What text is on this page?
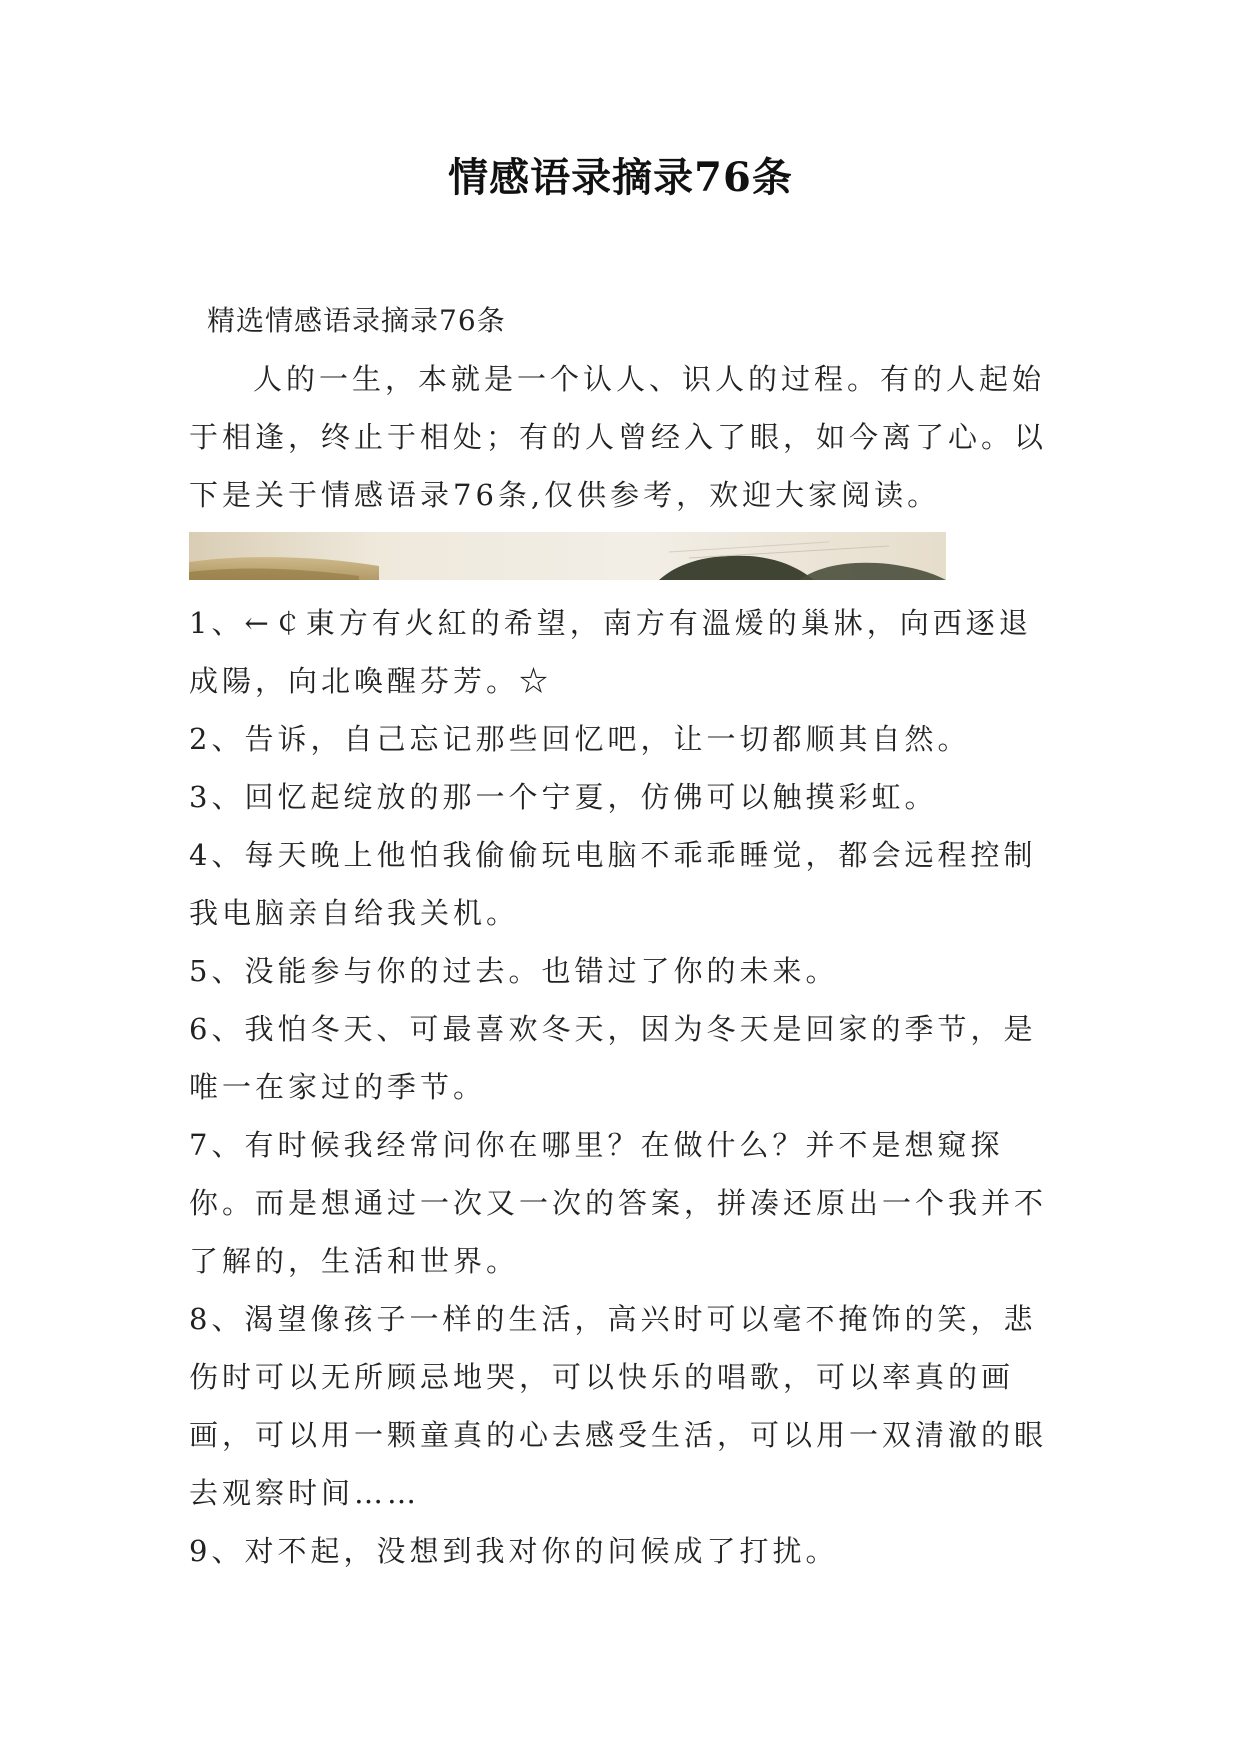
情感语录摘录76条
精选情感语录摘录76条

人的一生，本就是一个认人、识人的过程。有的人起始于相逢，终止于相处；有的人曾经入了眼，如今离了心。以下是关于情感语录76条,仅供参考，欢迎大家阅读。

1、←￠東方有火紅的希望，南方有溫煖的巢牀，向西逐退成陽，向北喚醒芬芳。☆

2、告诉，自己忘记那些回忆吧，让一切都顺其自然。

3、回忆起绽放的那一个宁夏，仿佛可以触摸彩虹。

4、每天晚上他怕我偷偷玩电脑不乖乖睡觉，都会远程控制我电脑亲自给我关机。

5、没能参与你的过去。也错过了你的未来。

6、我怕冬天、可最喜欢冬天，因为冬天是回家的季节，是唯一在家过的季节。

7、有时候我经常问你在哪里？在做什么？并不是想窥探你。而是想通过一次又一次的答案，拼凑还原出一个我并不了解的，生活和世界。

8、渴望像孩子一样的生活，高兴时可以毫不掩饰的笑，悲伤时可以无所顾忌地哭，可以快乐的唱歌，可以率真的画画，可以用一颗童真的心去感受生活，可以用一双清澈的眼去观察时间……

9、对不起，没想到我对你的问候成了打扰。
